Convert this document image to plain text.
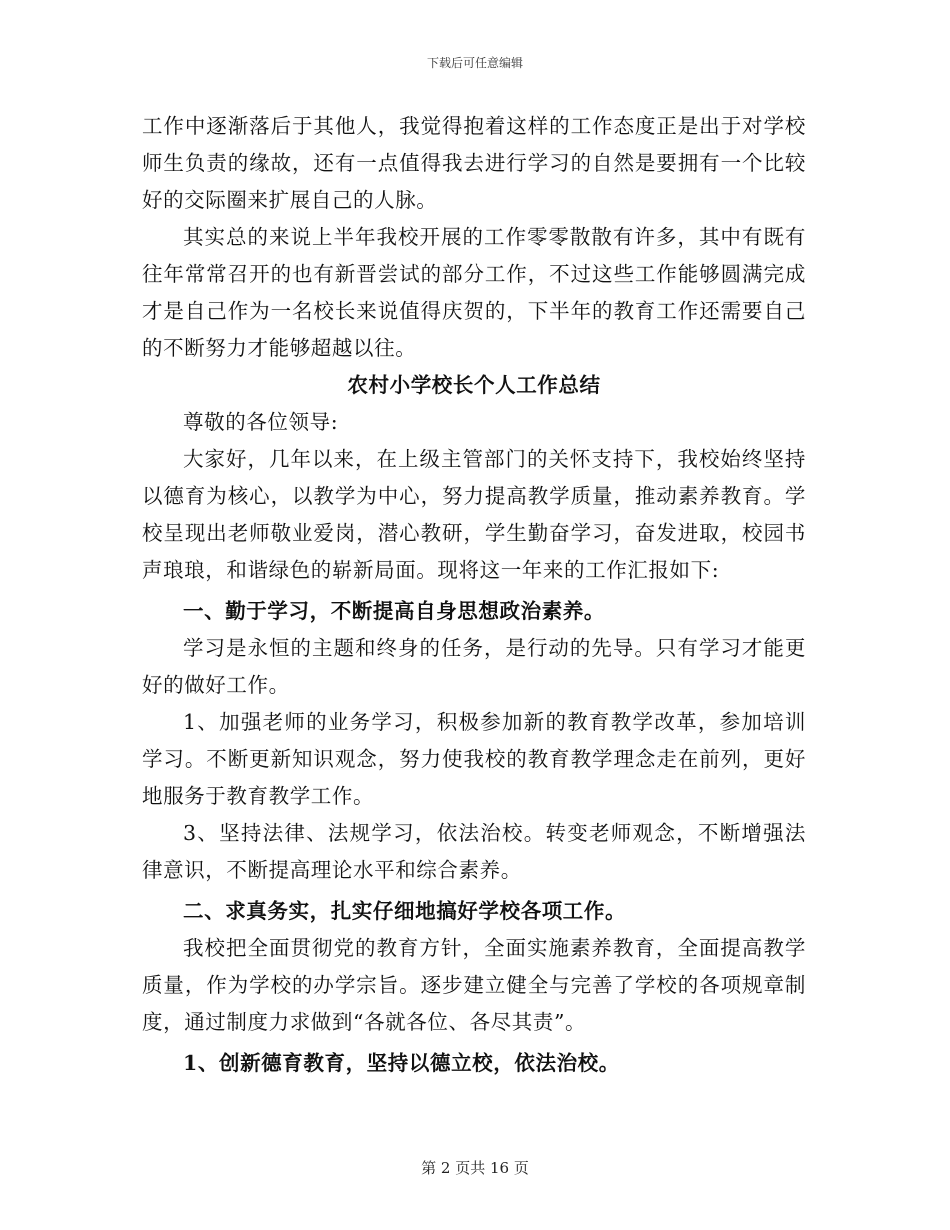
下载后可任意编辑

工作中逐渐落后于其他人，我觉得抱着这样的工作态度正是出于对学校师生负责的缘故，还有一点值得我去进行学习的自然是要拥有一个比较好的交际圈来扩展自己的人脉。

其实总的来说上半年我校开展的工作零零散散有许多，其中有既有往年常常召开的也有新晋尝试的部分工作，不过这些工作能够圆满完成才是自己作为一名校长来说值得庆贺的，下半年的教育工作还需要自己的不断努力才能够超越以往。

农村小学校长个人工作总结

尊敬的各位领导:

大家好，几年以来，在上级主管部门的关怀支持下，我校始终坚持以德育为核心，以教学为中心，努力提高教学质量，推动素养教育。学校呈现出老师敬业爱岗，潜心教研，学生勤奋学习，奋发进取，校园书声琅琅，和谐绿色的崭新局面。现将这一年来的工作汇报如下:

一、勤于学习，不断提高自身思想政治素养。

学习是永恒的主题和终身的任务，是行动的先导。只有学习才能更好的做好工作。

1、加强老师的业务学习，积极参加新的教育教学改革，参加培训学习。不断更新知识观念，努力使我校的教育教学理念走在前列，更好地服务于教育教学工作。

3、坚持法律、法规学习，依法治校。转变老师观念，不断增强法律意识，不断提高理论水平和综合素养。

二、求真务实，扎实仔细地搞好学校各项工作。

我校把全面贯彻党的教育方针，全面实施素养教育，全面提高教学质量，作为学校的办学宗旨。逐步建立健全与完善了学校的各项规章制度，通过制度力求做到“各就各位、各尽其责”。

1、创新德育教育，坚持以德立校，依法治校。

第 2 页共 16 页
